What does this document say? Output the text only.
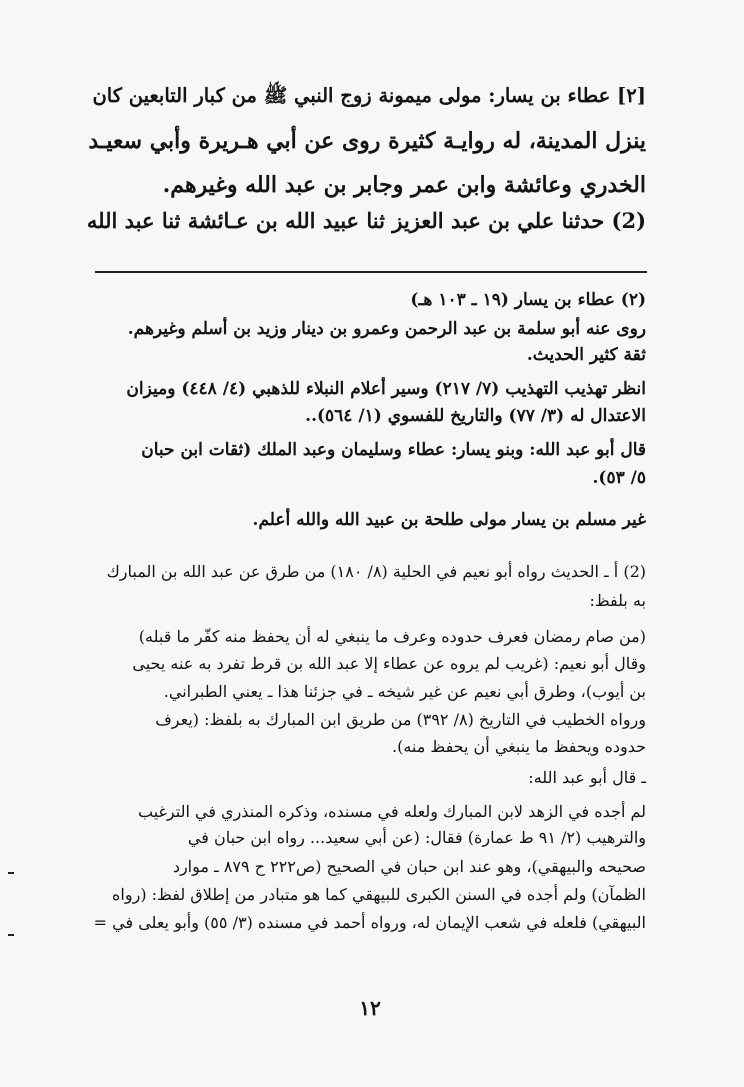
[٢] عطاء بن يسار: مولى ميمونة زوج النبي ﷺ من كبار التابعين كان
ينزل المدينة، له روايـة كثيرة روى عن أبي هـريرة وأبي سعيـد
الخدري وعائشة وابن عمر وجابر بن عبد الله وغيرهم.
(2) حدثنا علي بن عبد العزيز ثنا عبيد الله بن عـائشة ثنا عبد الله
(٢) عطاء بن يسار (١٩ ـ ١٠٣ هـ)
روى عنه أبو سلمة بن عبد الرحمن وعمرو بن دينار وزيد بن أسلم وغيرهم.
ثقة كثير الحديث.
انظر تهذيب التهذيب (٧/ ٢١٧) وسير أعلام النبلاء للذهبي (٤/ ٤٤٨) وميزان
الاعتدال له (٣/ ٧٧) والتاريخ للفسوي (١/ ٥٦٤)..
قال أبو عبد الله: وبنو يسار: عطاء وسليمان وعبد الملك (ثقات ابن حبان
٥/ ٥٣).
غير مسلم بن يسار مولى طلحة بن عبيد الله والله أعلم.
(2) أ ـ الحديث رواه أبو نعيم في الحلية (٨/ ١٨٠) من طرق عن عبد الله بن المبارك
به بلفظ:
(من صام رمضان فعرف حدوده وعرف ما ينبغي له أن يحفظ منه كفّر ما قبله)
وقال أبو نعيم: (غريب لم يروه عن عطاء إلا عبد الله بن قرط تفرد به عنه يحيى
بن أيوب)، وطرق أبي نعيم عن غير شيخه ـ في جزئنا هذا ـ يعني الطبراني.
ورواه الخطيب في التاريخ (٨/ ٣٩٢) من طريق ابن المبارك به بلفظ: (يعرف
حدوده ويحفظ ما ينبغي أن يحفظ منه).
ـ قال أبو عبد الله:
لم أجده في الزهد لابن المبارك ولعله في مسنده، وذكره المنذري في الترغيب
والترهيب (٢/ ٩١ ط عمارة) فقال: (عن أبي سعيد... رواه ابن حبان في
صحيحه والبيهقي)، وهو عند ابن حبان في الصحيح (ص٢٢٢ ح ٨٧٩ ـ موارد
الظمآن) ولم أجده في السنن الكبرى للبيهقي كما هو متبادر من إطلاق لفظ: (رواه
البيهقي) فلعله في شعب الإيمان له، ورواه أحمد في مسنده (٣/ ٥٥) وأبو يعلى في =
١٢
